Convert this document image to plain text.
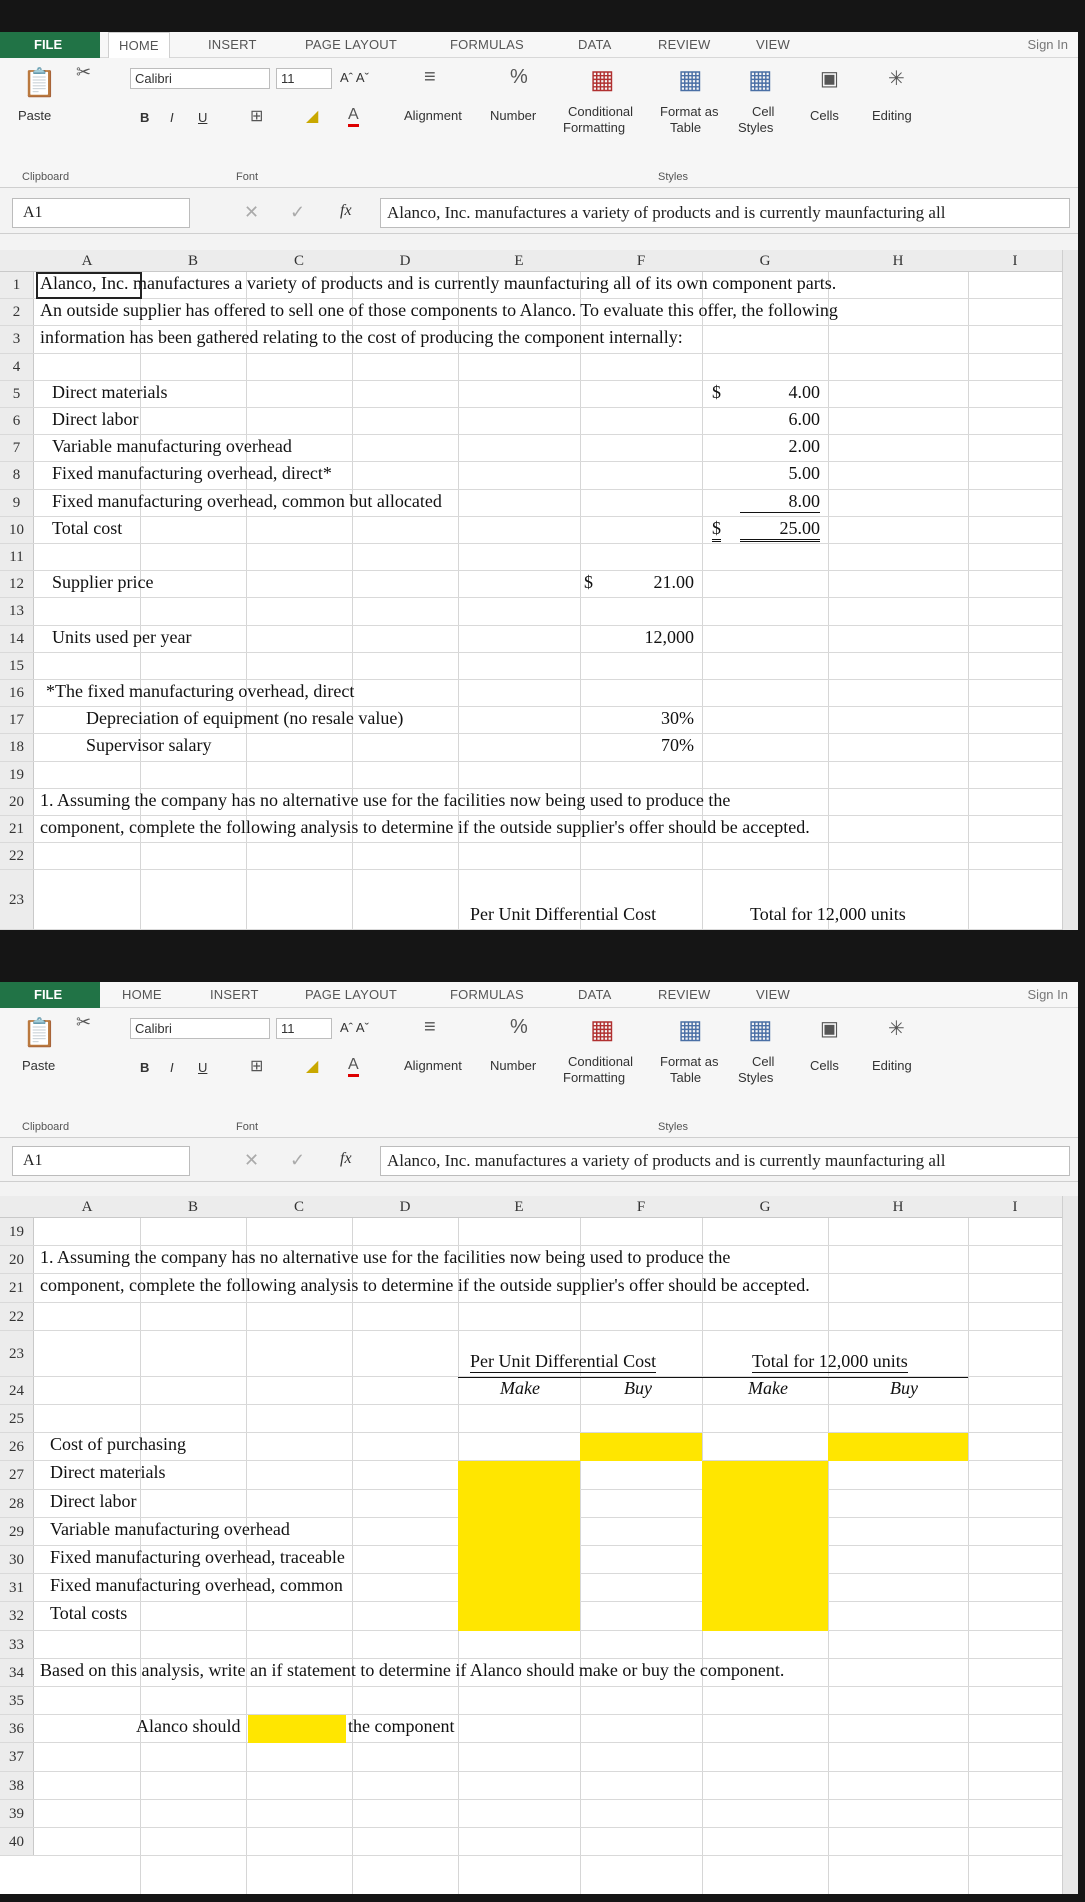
FILE	HOME	INSERT	PAGE LAYOUT	FORMULAS	DATA	REVIEW	VIEW	Sign In
📋 ✂
Paste
Calibri	11	Aˆ Aˇ
B I U	⊞	◢ A
Clipboard	Font
≡
Alignment
%
Number
▦
Conditional
Formatting
▦
Format as
Table
▦
Cell
Styles
Styles
▣
Cells
✳
Editing
A1	✕ ✓ fx	Alanco, Inc. manufactures a variety of products and is currently maunfacturing all
A	B	C	D	E	F	G	H	I
1	Alanco, Inc. manufactures a variety of products and is currently maunfacturing all of its own component parts.
2	An outside supplier has offered to sell one of those components to Alanco. To evaluate this offer, the following
3	information has been gathered relating to the cost of producing the component internally:
4
5	Direct materials	$	4.00
6	Direct labor	6.00
7	Variable manufacturing overhead	2.00
8	Fixed manufacturing overhead, direct*	5.00
9	Fixed manufacturing overhead, common but allocated	8.00
10	Total cost	$	25.00
11
12	Supplier price	$	21.00
13
14	Units used per year	12,000
15
16	*The fixed manufacturing overhead, direct
17	Depreciation of equipment (no resale value)	30%
18	Supervisor salary	70%
19
20 1. Assuming the company has no alternative use for the facilities now being used to produce the
21 component, complete the following analysis to determine if the outside supplier's offer should be accepted.
22
23
Per Unit Differential Cost	Total for 12,000 units
FILE	HOME	INSERT	PAGE LAYOUT	FORMULAS	DATA	REVIEW	VIEW	Sign In
📋 ✂
Paste
Calibri	11	Aˆ Aˇ
B I U	⊞	◢ A
Clipboard	Font
≡
Alignment
%
Number
▦
Conditional
Formatting
▦
Format as
Table
▦
Cell
Styles
Styles
▣
Cells
✳
Editing
A1	✕ ✓ fx	Alanco, Inc. manufactures a variety of products and is currently maunfacturing all
A	B	C	D	E	F	G	H	I
19
20 1. Assuming the company has no alternative use for the facilities now being used to produce the
21 component, complete the following analysis to determine if the outside supplier's offer should be accepted.
22
23	Per Unit Differential Cost	Total for 12,000 units
24	Make	Buy	Make	Buy
25
26	Cost of purchasing
27	Direct materials
28	Direct labor
29	Variable manufacturing overhead
30	Fixed manufacturing overhead, traceable
31	Fixed manufacturing overhead, common
32	Total costs
33
34 Based on this analysis, write an if statement to determine if Alanco should make or buy the component.
35
36	Alanco should	the component
37
38
39
40
